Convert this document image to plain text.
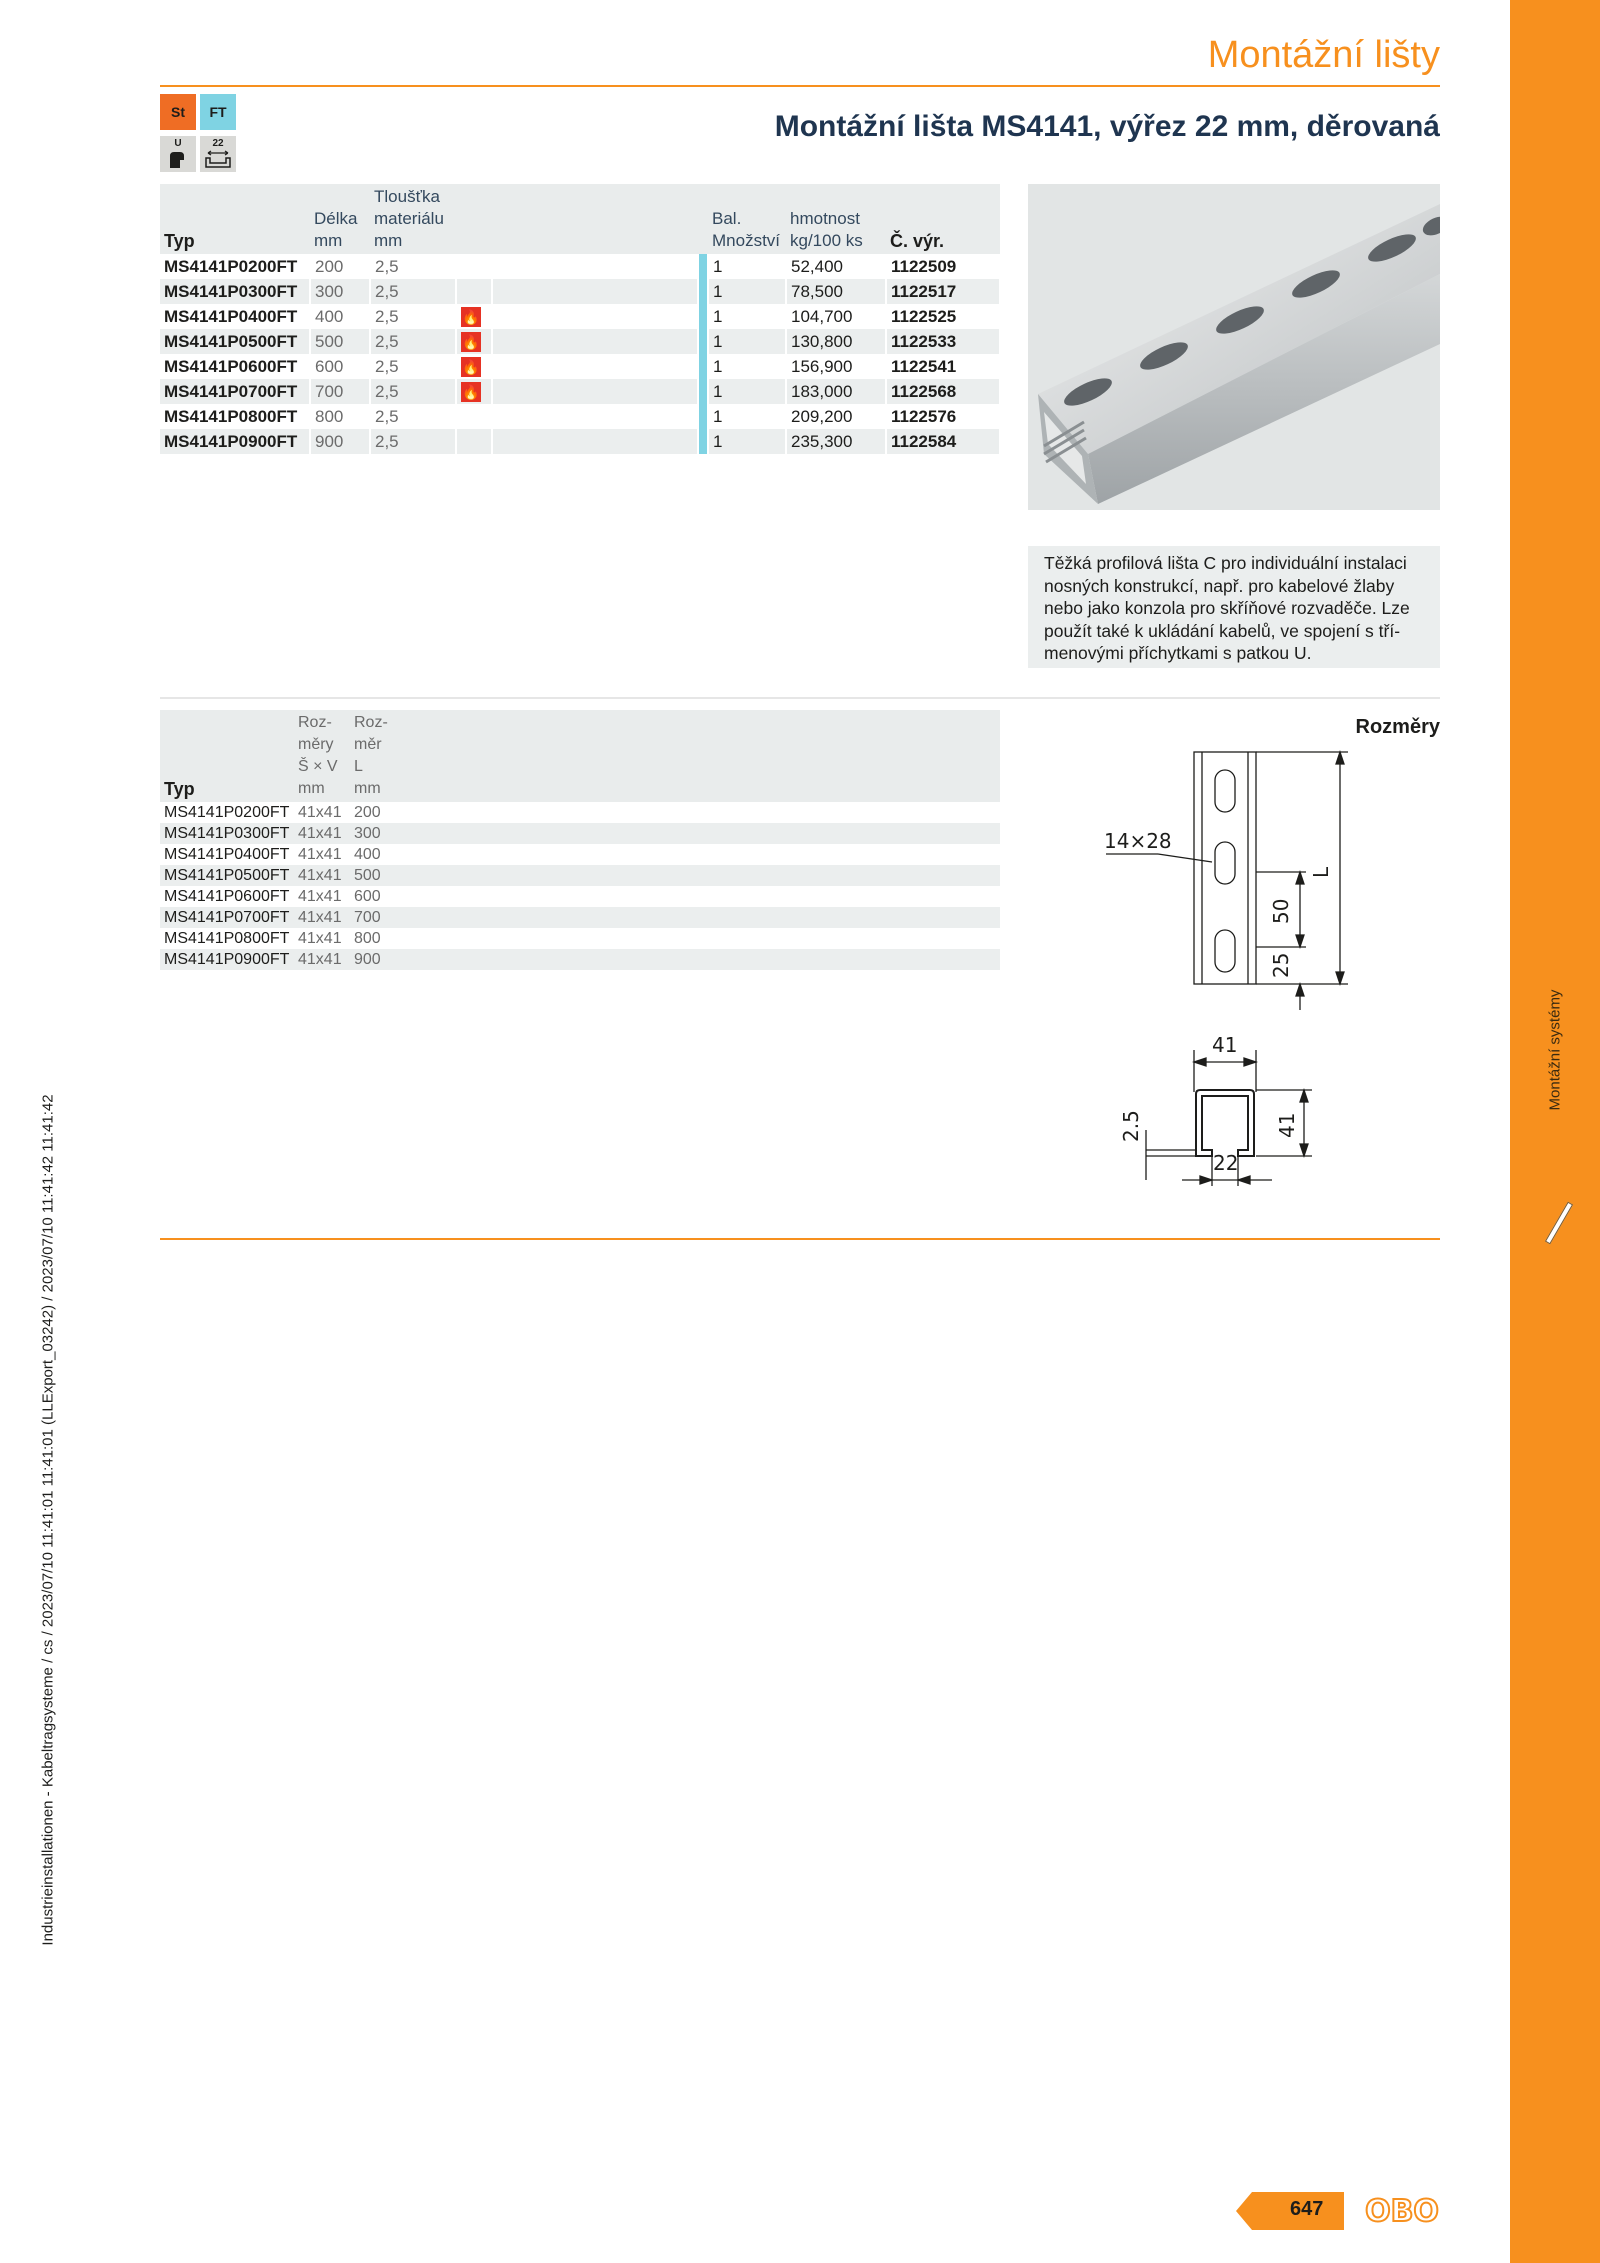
Montážní systémy
Industrieinstallationen - Kabeltragsysteme / cs / 2023/07/10 11:41:01 11:41:01 (LLExport_03242) / 2023/07/10 11:41:42 11:41:42
Montážní lišty
Montážní lišta MS4141, výřez 22 mm, děrovaná
St	FT
U	22
Typ	Délka
mm	Tloušťka
materiálu
mm				Bal.
Množství	hmotnost
kg/100 ks	Č. výr.
MS4141P0200FT	200	2,5				1	52,400	1122509
MS4141P0300FT	300	2,5				1	78,500	1122517
MS4141P0400FT	400	2,5	🔥			1	104,700	1122525
MS4141P0500FT	500	2,5	🔥			1	130,800	1122533
MS4141P0600FT	600	2,5	🔥			1	156,900	1122541
MS4141P0700FT	700	2,5	🔥			1	183,000	1122568
MS4141P0800FT	800	2,5				1	209,200	1122576
MS4141P0900FT	900	2,5				1	235,300	1122584

Těžká profilová lišta C pro individuální instalaci nosných konstrukcí, např. pro kabelové žlaby nebo jako konzola pro skříňové rozvaděče. Lze použít také k ukládání kabelů, ve spojení s tří-menovými příchytkami s patkou U.

Typ	Roz-
měry
Š × V
mm	Roz-
měr
L
mm	
MS4141P0200FT	41x41	200	
MS4141P0300FT	41x41	300	
MS4141P0400FT	41x41	400	
MS4141P0500FT	41x41	500	
MS4141P0600FT	41x41	600	
MS4141P0700FT	41x41	700	
MS4141P0800FT	41x41	800	
MS4141P0900FT	41x41	900	
Rozměry
14×28
L
50
25
41
41
2.5
22
647 OBO
